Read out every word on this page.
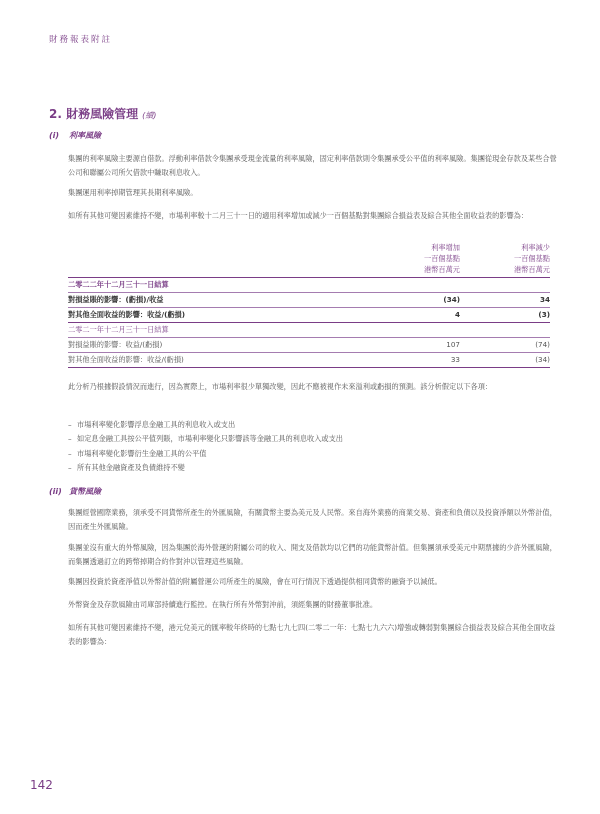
財務報表附註
2. 財務風險管理 (續)
(i) 利率風險
集團的利率風險主要源自借款。浮動利率借款令集團承受現金流量的利率風險，固定利率借款則令集團承受公平值的利率風險。集團從現金存款及某些合營公司和聯屬公司所欠借款中賺取利息收入。
集團運用利率掉期管理其長期利率風險。
如所有其他可變因素維持不變，市場利率較十二月三十一日的適用利率增加或減少一百個基點對集團綜合損益表及綜合其他全面收益表的影響為：
利率增加
一百個基點
港幣百萬元
利率減少
一百個基點
港幣百萬元
二零二二年十二月三十一日結算
對損益賬的影響：(虧損)/收益	(34)	34
對其他全面收益的影響：收益/(虧損)	4	(3)
二零二一年十二月三十一日結算
對損益賬的影響：收益/(虧損)	107	(74)
對其他全面收益的影響：收益/(虧損)	33	(34)
此分析乃根據假設情況而進行，因為實際上，市場利率很少單獨改變，因此不應被視作未來溢利或虧損的預測。該分析假定以下各項：
– 市場利率變化影響浮息金融工具的利息收入或支出
– 如定息金融工具按公平值列賬，市場利率變化只影響該等金融工具的利息收入或支出
– 市場利率變化影響衍生金融工具的公平值
– 所有其他金融資產及負債維持不變
(ii) 貨幣風險
集團經營國際業務，須承受不同貨幣所產生的外匯風險，有關貨幣主要為美元及人民幣。來自海外業務的商業交易、資產和負債以及投資淨額以外幣計值，因而產生外匯風險。
集團並沒有重大的外幣風險，因為集團於海外營運的附屬公司的收入、開支及借款均以它們的功能貨幣計值。但集團須承受美元中期票據的少許外匯風險，而集團透過訂立的跨幣掉期合約作對沖以管理這些風險。
集團因投資於資產淨值以外幣計值的附屬營運公司所產生的風險，會在可行情況下透過提供相同貨幣的融資予以減低。
外幣資金及存款風險由司庫部持續進行監控。在執行所有外幣對沖前，須經集團的財務董事批准。
如所有其他可變因素維持不變，港元兌美元的匯率較年終時的七點七九七四(二零二一年：七點七九六六)增強或轉弱對集團綜合損益表及綜合其他全面收益表的影響為：
142
